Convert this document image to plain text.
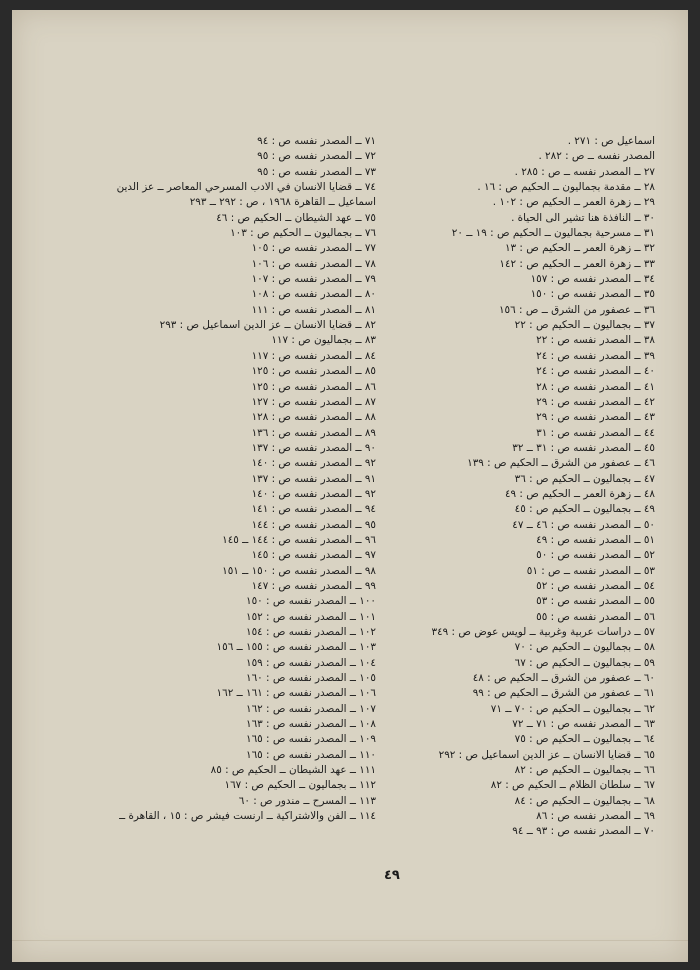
اسماعيل ص : ٢٧١ .
المصدر نفسه ــ ص : ٢٨٢ .
٢٧ ــ المصدر نفسه ــ ص : ٢٨٥ .
٢٨ ــ مقدمة بجماليون ــ الحكيم ص : ١٦ .
٢٩ ــ زهرة العمر ــ الحكيم ص : ١٠٢ .
٣٠ ــ النافذة هنا تشير الى الحياة .
٣١ ــ مسرحية بجماليون ــ الحكيم ص : ١٩ ــ ٢٠
٣٢ ــ زهرة العمر ــ الحكيم ص : ١٣
٣٣ ــ زهرة العمر ــ الحكيم ص : ١٤٢
٣٤ ــ المصدر نفسه ص : ١٥٧
٣٥ ــ المصدر نفسه ص : ١٥٠
٣٦ ــ عصفور من الشرق ــ ص : ١٥٦
٣٧ ــ بجماليون ــ الحكيم ص : ٢٢
٣٨ ــ المصدر نفسه ص : ٢٢
٣٩ ــ المصدر نفسه ص : ٢٤
٤٠ ــ المصدر نفسه ص : ٢٤
٤١ ــ المصدر نفسه ص : ٢٨
٤٢ ــ المصدر نفسه ص : ٢٩
٤٣ ــ المصدر نفسه ص : ٢٩
٤٤ ــ المصدر نفسه ص : ٣١
٤٥ ــ المصدر نفسه ص : ٣١ ــ ٣٢
٤٦ ــ عصفور من الشرق ــ الحكيم ص : ١٣٩
٤٧ ــ بجماليون ــ الحكيم ص : ٣٦
٤٨ ــ زهرة العمر ــ الحكيم ص : ٤٩
٤٩ ــ بجماليون ــ الحكيم ص : ٤٥
٥٠ ــ المصدر نفسه ص : ٤٦ ــ ٤٧
٥١ ــ المصدر نفسه ص : ٤٩
٥٢ ــ المصدر نفسه ص : ٥٠
٥٣ ــ المصدر نفسه ــ ص : ٥١
٥٤ ــ المصدر نفسه ص : ٥٢
٥٥ ــ المصدر نفسه ص : ٥٣
٥٦ ــ المصدر نفسه ص : ٥٥
٥٧ ــ دراسات عربية وغربية ــ لويس عوض ص : ٣٤٩
٥٨ ــ بجماليون ــ الحكيم ص : ٧٠
٥٩ ــ بجماليون ــ الحكيم ص : ٦٧
٦٠ ــ عصفور من الشرق ــ الحكيم ص : ٤٨
٦١ ــ عصفور من الشرق ــ الحكيم ص : ٩٩
٦٢ ــ بجماليون ــ الحكيم ص : ٧٠ ــ ٧١
٦٣ ــ المصدر نفسه ص : ٧١ ــ ٧٢
٦٤ ــ بجماليون ــ الحكيم ص : ٧٥
٦٥ ــ قضايا الانسان ــ عز الدين اسماعيل ص : ٢٩٢
٦٦ ــ بجماليون ــ الحكيم ص : ٨٢
٦٧ ــ سلطان الظلام ــ الحكيم ص : ٨٢
٦٨ ــ بجماليون ــ الحكيم ص : ٨٤
٦٩ ــ المصدر نفسه ص : ٨٦
٧٠ ــ المصدر نفسه ص : ٩٣ ــ ٩٤
٧١ ــ المصدر نفسه ص : ٩٤
٧٢ ــ المصدر نفسه ص : ٩٥
٧٣ ــ المصدر نفسه ص : ٩٥
٧٤ ــ قضايا الانسان في الادب المسرحي المعاصر ــ عز الدين
اسماعيل ــ القاهرة ١٩٦٨ ، ص : ٢٩٢ ــ ٢٩٣
٧٥ ــ عهد الشيطان ــ الحكيم ص : ٤٦
٧٦ ــ بجماليون ــ الحكيم ص : ١٠٣
٧٧ ــ المصدر نفسه ص : ١٠٥
٧٨ ــ المصدر نفسه ص : ١٠٦
٧٩ ــ المصدر نفسه ص : ١٠٧
٨٠ ــ المصدر نفسه ص : ١٠٨
٨١ ــ المصدر نفسه ص : ١١١
٨٢ ــ قضايا الانسان ــ عز الدين اسماعيل ص : ٢٩٣
٨٣ ــ بجماليون ص : ١١٧
٨٤ ــ المصدر نفسه ص : ١١٧
٨٥ ــ المصدر نفسه ص : ١٢٥
٨٦ ــ المصدر نفسه ص : ١٢٥
٨٧ ــ المصدر نفسه ص : ١٢٧
٨٨ ــ المصدر نفسه ص : ١٢٨
٨٩ ــ المصدر نفسه ص : ١٣٦
٩٠ ــ المصدر نفسه ص : ١٣٧
٩٢ ــ المصدر نفسه ص : ١٤٠
٩١ ــ المصدر نفسه ص : ١٣٧
٩٢ ــ المصدر نفسه ص : ١٤٠
٩٤ ــ المصدر نفسه ص : ١٤١
٩٥ ــ المصدر نفسه ص : ١٤٤
٩٦ ــ المصدر نفسه ص : ١٤٤ ــ ١٤٥
٩٧ ــ المصدر نفسه ص : ١٤٥
٩٨ ــ المصدر نفسه ص : ١٥٠ ــ ١٥١
٩٩ ــ المصدر نفسه ص : ١٤٧
١٠٠ ــ المصدر نفسه ص : ١٥٠
١٠١ ــ المصدر نفسه ص : ١٥٢
١٠٢ ــ المصدر نفسه ص : ١٥٤
١٠٣ ــ المصدر نفسه ص : ١٥٥ ــ ١٥٦
١٠٤ ــ المصدر نفسه ص : ١٥٩
١٠٥ ــ المصدر نفسه ص : ١٦٠
١٠٦ ــ المصدر نفسه ص : ١٦١ ــ ١٦٢
١٠٧ ــ المصدر نفسه ص : ١٦٢
١٠٨ ــ المصدر نفسه ص : ١٦٣
١٠٩ ــ المصدر نفسه ص : ١٦٥
١١٠ ــ المصدر نفسه ص : ١٦٥
١١١ ــ عهد الشيطان ــ الحكيم ص : ٨٥
١١٢ ــ بجماليون ــ الحكيم ص : ١٦٧
١١٣ ــ المسرح ــ مندور ص : ٦٠
١١٤ ــ الفن والاشتراكية ــ ارنست فيشر ص : ١٥ ، القاهرة ــ
٤٩
